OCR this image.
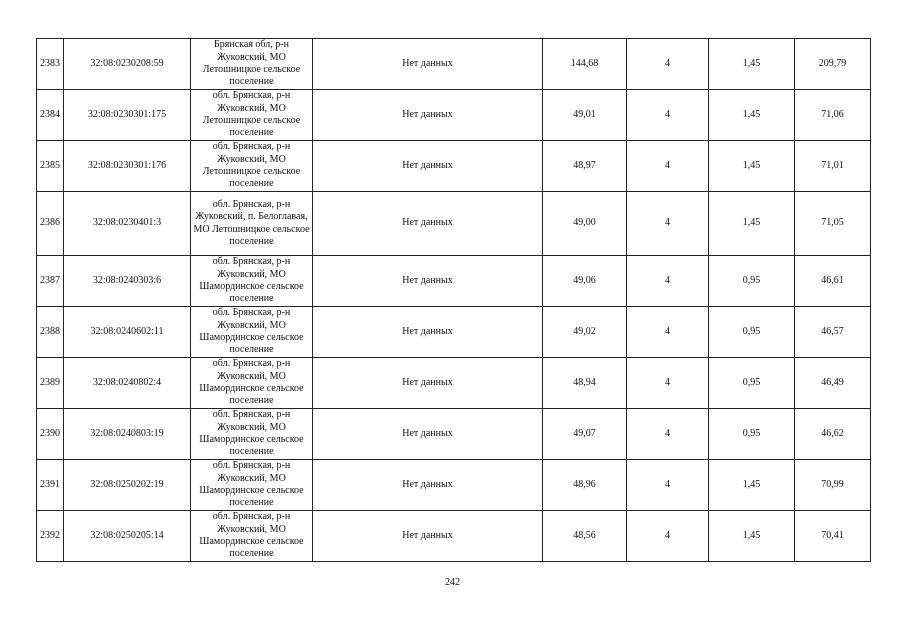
2383	32:08:0230208:59	Брянская обл, р-н Жуковский, МО Летошницкое сельское поселение	Нет данных	144,68	4	1,45	209,79
2384	32:08:0230301:175	обл. Брянская, р-н Жуковский, МО Летошницкое сельское поселение	Нет данных	49,01	4	1,45	71,06
2385	32:08:0230301:176	обл. Брянская, р-н Жуковский, МО Летошницкое сельское поселение	Нет данных	48,97	4	1,45	71,01
2386	32:08:0230401:3	обл. Брянская, р-н Жуковский, п. Белоглавая, МО Летошницкое сельское поселение	Нет данных	49,00	4	1,45	71,05
2387	32:08:0240303:6	обл. Брянская, р-н Жуковский, МО Шамординское сельское поселение	Нет данных	49,06	4	0,95	46,61
2388	32:08:0240602:11	обл. Брянская, р-н Жуковский, МО Шамординское сельское поселение	Нет данных	49,02	4	0,95	46,57
2389	32:08:0240802:4	обл. Брянская, р-н Жуковский, МО Шамординское сельское поселение	Нет данных	48,94	4	0,95	46,49
2390	32:08:0240803:19	обл. Брянская, р-н Жуковский, МО Шамординское сельское поселение	Нет данных	49,07	4	0,95	46,62
2391	32:08:0250202:19	обл. Брянская, р-н Жуковский, МО Шамординское сельское поселение	Нет данных	48,96	4	1,45	70,99
2392	32:08:0250205:14	обл. Брянская, р-н Жуковский, МО Шамординское сельское поселение	Нет данных	48,56	4	1,45	70,41
242
